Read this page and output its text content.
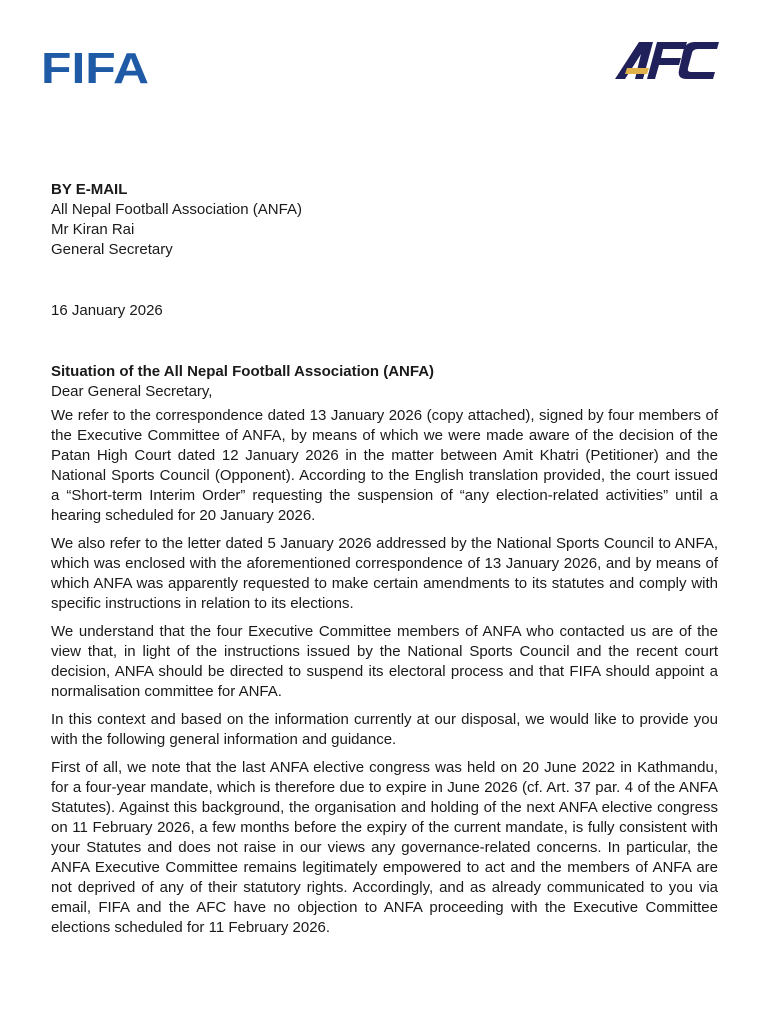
FIFA

BY E-MAIL

All Nepal Football Association (ANFA)

Mr Kiran Rai

General Secretary

16 January 2026

Situation of the All Nepal Football Association (ANFA)

Dear General Secretary,

We refer to the correspondence dated 13 January 2026 (copy attached), signed by four members of the Executive Committee of ANFA, by means of which we were made aware of the decision of the Patan High Court dated 12 January 2026 in the matter between Amit Khatri (Petitioner) and the National Sports Council (Opponent). According to the English translation provided, the court issued a “Short-term Interim Order” requesting the suspension of “any election-related activities” until a hearing scheduled for 20 January 2026.

We also refer to the letter dated 5 January 2026 addressed by the National Sports Council to ANFA, which was enclosed with the aforementioned correspondence of 13 January 2026, and by means of which ANFA was apparently requested to make certain amendments to its statutes and comply with specific instructions in relation to its elections.

We understand that the four Executive Committee members of ANFA who contacted us are of the view that, in light of the instructions issued by the National Sports Council and the recent court decision, ANFA should be directed to suspend its electoral process and that FIFA should appoint a normalisation committee for ANFA.

In this context and based on the information currently at our disposal, we would like to provide you with the following general information and guidance.

First of all, we note that the last ANFA elective congress was held on 20 June 2022 in Kathmandu, for a four-year mandate, which is therefore due to expire in June 2026 (cf. Art. 37 par. 4 of the ANFA Statutes). Against this background, the organisation and holding of the next ANFA elective congress on 11 February 2026, a few months before the expiry of the current mandate, is fully consistent with your Statutes and does not raise in our views any governance-related concerns. In particular, the ANFA Executive Committee remains legitimately empowered to act and the members of ANFA are not deprived of any of their statutory rights. Accordingly, and as already communicated to you via email, FIFA and the AFC have no objection to ANFA proceeding with the Executive Committee elections scheduled for 11 February 2026.
